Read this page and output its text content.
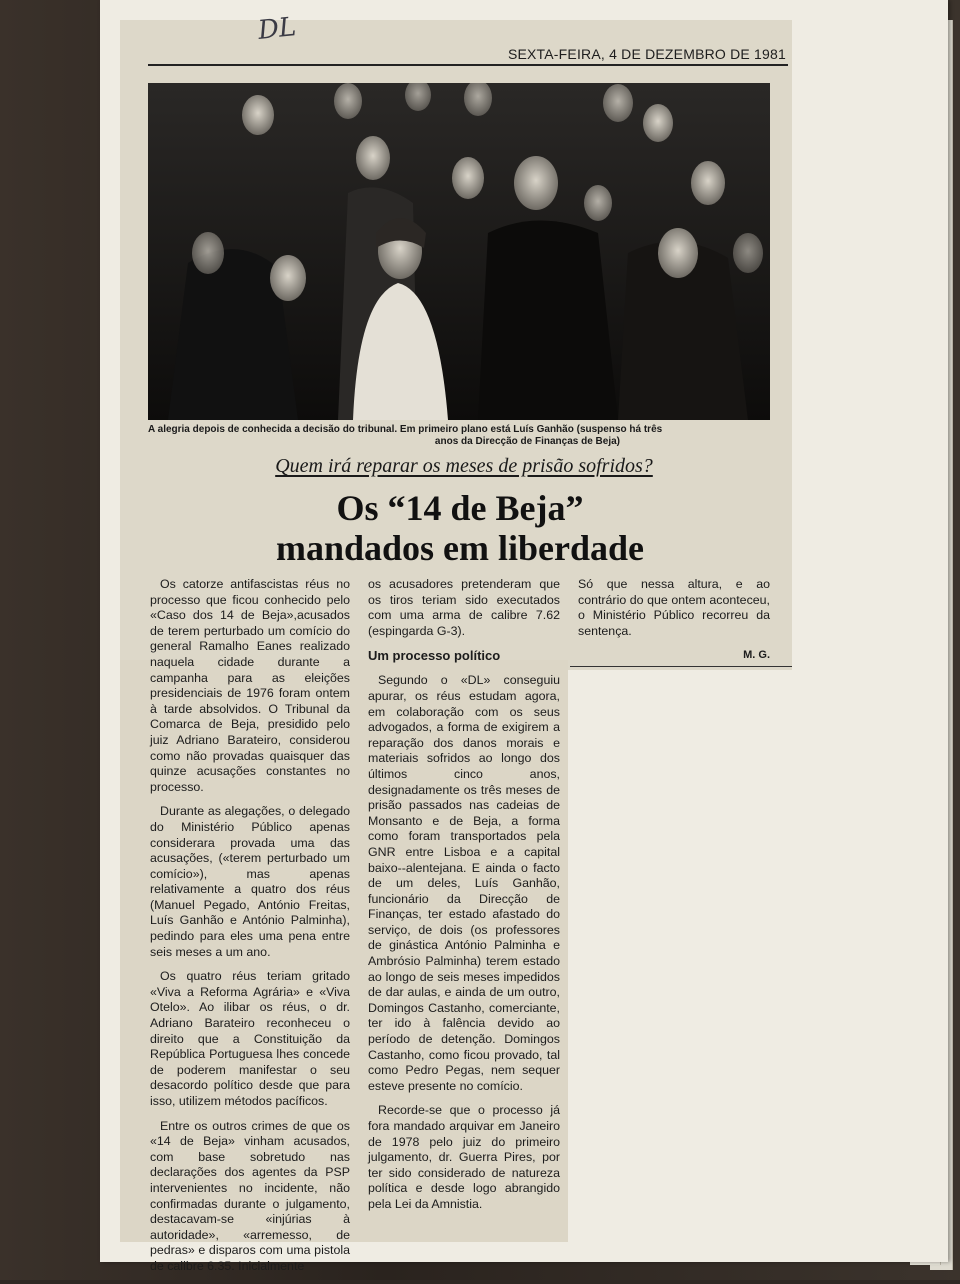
DL
SEXTA-FEIRA, 4 DE DEZEMBRO DE 1981

A alegria depois de conhecida a decisão do tribunal. Em primeiro plano está Luís Ganhão (suspenso há três

anos da Direcção de Finanças de Beja)

Quem irá reparar os meses de prisão sofridos?

Os “14 de Beja”

mandados em liberdade

Os catorze antifascistas réus no processo que ficou conhecido pelo «Caso dos 14 de Beja»,acusados de terem perturbado um comício do general Ramalho Eanes realizado naquela cidade durante a campanha para as eleições presidenciais de 1976 foram ontem à tarde absolvidos. O Tribunal da Comarca de Beja, presidido pelo juiz Adriano Barateiro, considerou como não provadas quaisquer das quinze acusações constantes no processo.

Durante as alegações, o delegado do Ministério Público apenas considerara provada uma das acusações, («terem perturbado um comício»), mas apenas relativamente a quatro dos réus (Manuel Pegado, António Freitas, Luís Ganhão e António Palminha), pedindo para eles uma pena entre seis meses a um ano.

Os quatro réus teriam gritado «Viva a Reforma Agrária» e «Viva Otelo». Ao ilibar os réus, o dr. Adriano Barateiro reconheceu o direito que a Constituição da República Portuguesa lhes concede de poderem manifestar o seu desacordo político desde que para isso, utilizem métodos pacíficos.

Entre os outros crimes de que os «14 de Beja» vinham acusados, com base sobretudo nas declarações dos agentes da PSP intervenientes no incidente, não confirmadas durante o julgamento, destacavam-se «injúrias à autoridade», «arremesso, de pedras» e disparos com uma pistola de calibre 6.35. Inicialmente

os acusadores pretenderam que os tiros teriam sido executados com uma arma de calibre 7.62 (espingarda G-3).

Um processo político

Segundo o «DL» conseguiu apurar, os réus estudam agora, em colaboração com os seus advogados, a forma de exigirem a reparação dos danos morais e materiais sofridos ao longo dos últimos cinco anos, designadamente os três meses de prisão passados nas cadeias de Monsanto e de Beja, a forma como foram transportados pela GNR entre Lisboa e a capital baixo--alentejana. E ainda o facto de um deles, Luís Ganhão, funcionário da Direcção de Finanças, ter estado afastado do serviço, de dois (os professores de ginástica António Palminha e Ambrósio Palminha) terem estado ao longo de seis meses impedidos de dar aulas, e ainda de um outro, Domingos Castanho, comerciante, ter ido à falência devido ao período de detenção. Domingos Castanho, como ficou provado, tal como Pedro Pegas, nem sequer esteve presente no comício.

Recorde-se que o processo já fora mandado arquivar em Janeiro de 1978 pelo juiz do primeiro julgamento, dr. Guerra Pires, por ter sido considerado de natureza política e desde logo abrangido pela Lei da Amnistia.

Só que nessa altura, e ao contrário do que ontem aconteceu, o Ministério Público recorreu da sentença.

M. G.
